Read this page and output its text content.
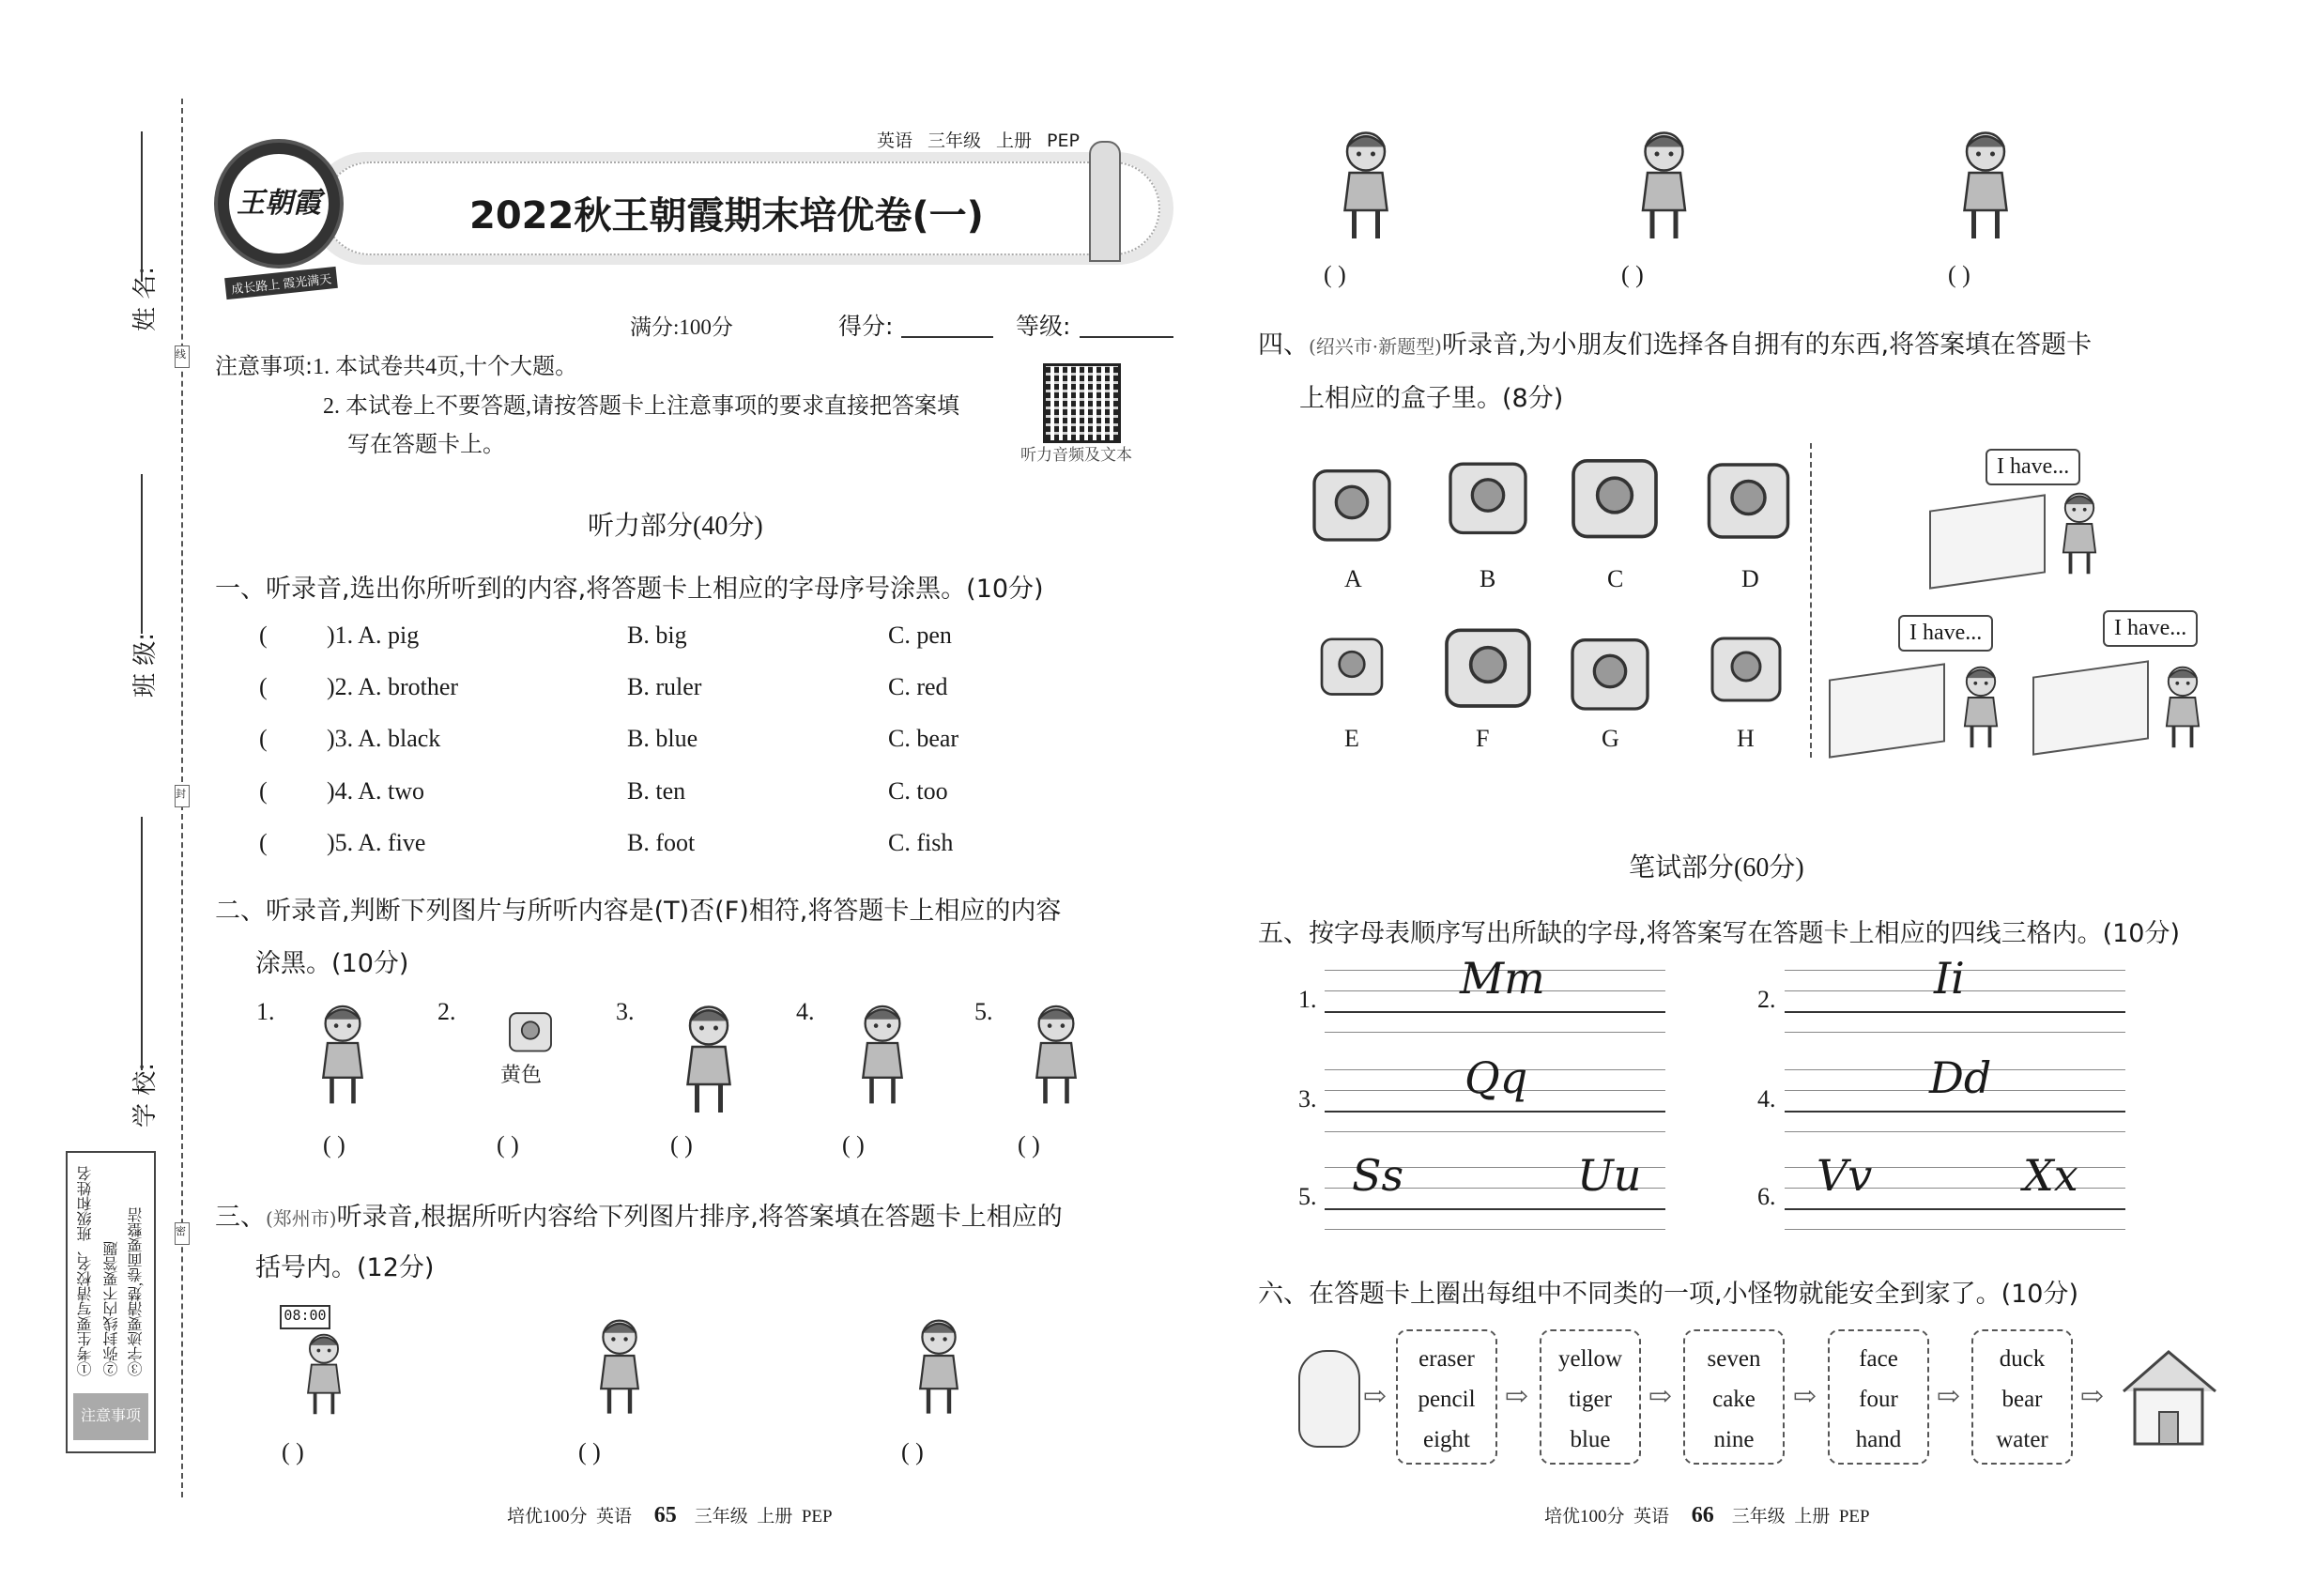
线
封
密
姓 名:
班 级:
学 校:
①考生要写清校名、班级和姓名 ②弥封线内不要答题 ③字迹要清楚,卷面要整洁
注意事项
王朝霞
成长路上 霞光满天
英语 三年级 上册 PEP
2022秋王朝霞期末培优卷(一)
满分:100分	得分:	等级:
注意事项:1. 本试卷共4页,十个大题。
2. 本试卷上不要答题,请按答题卡上注意事项的要求直接把答案填
写在答题卡上。	听力音频及文本
听力部分(40分)
一、听录音,选出你所听到的内容,将答题卡上相应的字母序号涂黑。(10分)
( )1. A. pig	B. big	C. pen
( )2. A. brother	B. ruler	C. red
( )3. A. black	B. blue	C. bear
( )4. A. two	B. ten	C. too
( )5. A. five	B. foot	C. fish
二、听录音,判断下列图片与所听内容是(T)否(F)相符,将答题卡上相应的内容
涂黑。(10分)
1.	2.
黄色
3.	4.	5.
( )	( )	( )	( )	( )
三、(郑州市)听录音,根据所听内容给下列图片排序,将答案填在答题卡上相应的
括号内。(12分)
08:00
( )	( )	( )
培优100分 英语 65 三年级 上册 PEP
( )	( )	( )
四、(绍兴市·新题型)听录音,为小朋友们选择各自拥有的东西,将答案填在答题卡
上相应的盒子里。(8分)
A	B	C	D
E	F	G	H
I have...
I have...	I have...
笔试部分(60分)
五、按字母表顺序写出所缺的字母,将答案写在答题卡上相应的四线三格内。(10分)
1.	Mm	2.	Ii
3.	Qq	4.	Dd
5. Ss	Uu	6. Vv	Xx
六、在答题卡上圈出每组中不同类的一项,小怪物就能安全到家了。(10分)
⇨
eraser
pencil
eight
⇨
yellow
tiger
blue
⇨
seven
cake
nine
⇨
face
four
hand
⇨
duck
bear
water
⇨
培优100分 英语 66 三年级 上册 PEP
